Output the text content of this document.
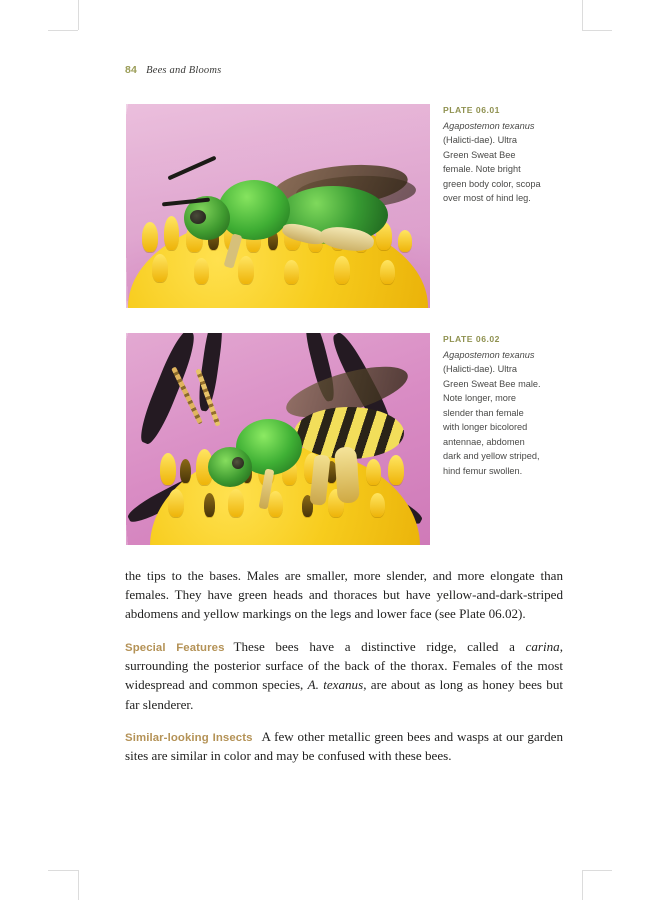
84 Bees and Blooms
PLATE 06.01
Agapostemon texanus (Halicti-dae). Ultra Green Sweat Bee female. Note bright green body color, scopa over most of hind leg.
PLATE 06.02
Agapostemon texanus (Halicti-dae). Ultra Green Sweat Bee male. Note longer, more slender than female with longer bicolored antennae, abdomen dark and yellow striped, hind femur swollen.

the tips to the bases. Males are smaller, more slender, and more elongate than females. They have green heads and thoraces but have yellow-and-dark-striped abdomens and yellow markings on the legs and lower face (see Plate 06.02).

Special Features These bees have a distinctive ridge, called a carina, surrounding the posterior surface of the back of the thorax. Females of the most widespread and common species, A. texanus, are about as long as honey bees but far slenderer.

Similar-looking Insects A few other metallic green bees and wasps at our garden sites are similar in color and may be confused with these bees.
